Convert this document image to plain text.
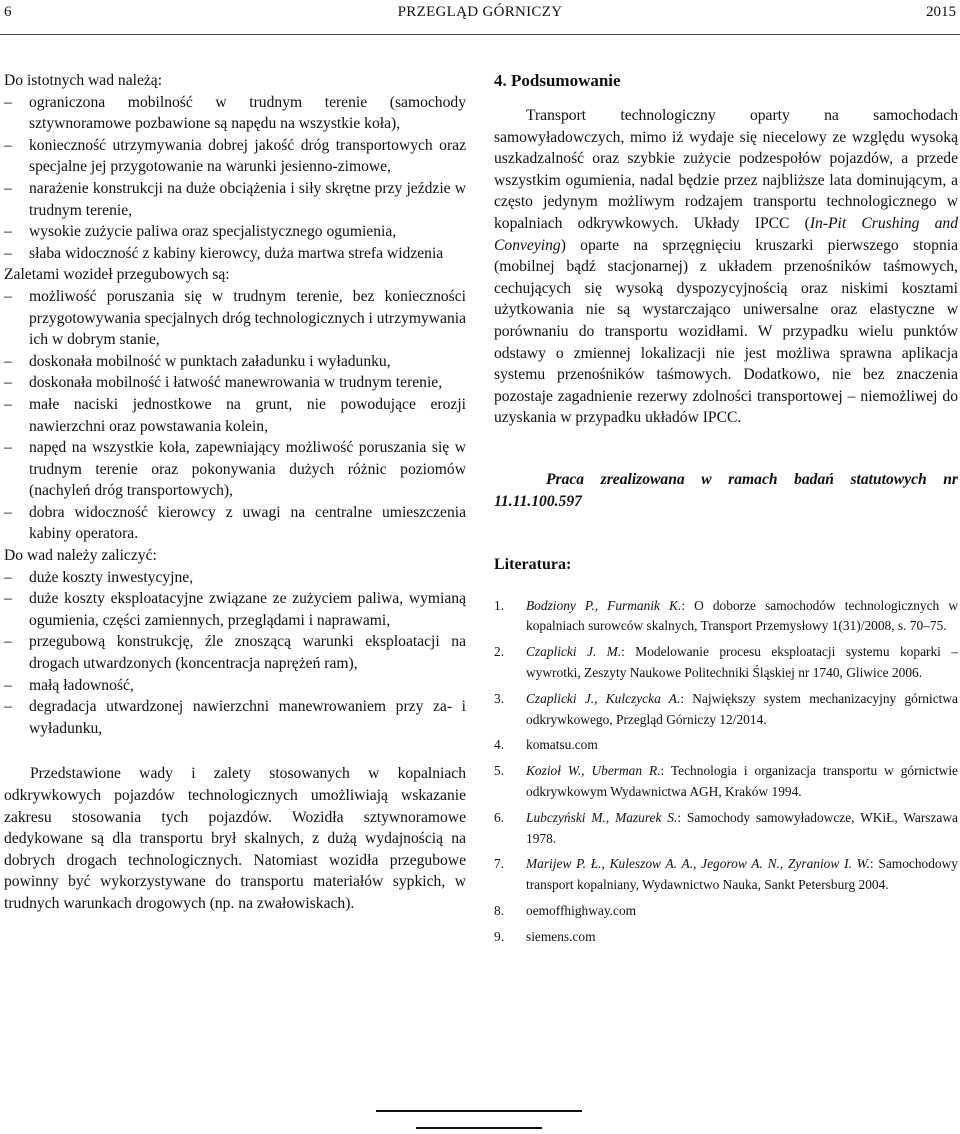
6	PRZEGLĄD GÓRNICZY	2015

Do istotnych wad należą:

– ograniczona mobilność w trudnym terenie (samochody sztywnoramowe pozbawione są napędu na wszystkie koła),
– konieczność utrzymywania dobrej jakość dróg transportowych oraz specjalne jej przygotowanie na warunki jesienno-zimowe,
– narażenie konstrukcji na duże obciążenia i siły skrętne przy jeździe w trudnym terenie,
– wysokie zużycie paliwa oraz specjalistycznego ogumienia,
– słaba widoczność z kabiny kierowcy, duża martwa strefa widzenia

Zaletami wozideł przegubowych są:

– możliwość poruszania się w trudnym terenie, bez konieczności przygotowywania specjalnych dróg technologicznych i utrzymywania ich w dobrym stanie,
– doskonała mobilność w punktach załadunku i wyładunku,
– doskonała mobilność i łatwość manewrowania w trudnym terenie,
– małe naciski jednostkowe na grunt, nie powodujące erozji nawierzchni oraz powstawania kolein,
– napęd na wszystkie koła, zapewniający możliwość poruszania się w trudnym terenie oraz pokonywania dużych różnic poziomów (nachyleń dróg transportowych),
– dobra widoczność kierowcy z uwagi na centralne umieszczenia kabiny operatora.

Do wad należy zaliczyć:

– duże koszty inwestycyjne,
– duże koszty eksploatacyjne związane ze zużyciem paliwa, wymianą ogumienia, części zamiennych, przeglądami i naprawami,
– przegubową konstrukcję, źle znoszącą warunki eksploatacji na drogach utwardzonych (koncentracja naprężeń ram),
– małą ładowność,
– degradacja utwardzonej nawierzchni manewrowaniem przy za- i wyładunku,

Przedstawione wady i zalety stosowanych w kopalniach odkrywkowych pojazdów technologicznych umożliwiają wskazanie zakresu stosowania tych pojazdów. Wozidła sztywnoramowe dedykowane są dla transportu brył skalnych, z dużą wydajnością na dobrych drogach technologicznych. Natomiast wozidła przegubowe powinny być wykorzystywane do transportu materiałów sypkich, w trudnych warunkach drogowych (np. na zwałowiskach).

4. Podsumowanie

Transport technologiczny oparty na samochodach samowyładowczych, mimo iż wydaje się niecelowy ze względu wysoką uszkadzalność oraz szybkie zużycie podzespołów pojazdów, a przede wszystkim ogumienia, nadal będzie przez najbliższe lata dominującym, a często jedynym możliwym rodzajem transportu technologicznego w kopalniach odkrywkowych. Układy IPCC (In-Pit Crushing and Conveying) oparte na sprzęgnięciu kruszarki pierwszego stopnia (mobilnej bądź stacjonarnej) z układem przenośników taśmowych, cechujących się wysoką dyspozycyjnością oraz niskimi kosztami użytkowania nie są wystarczająco uniwersalne oraz elastyczne w porównaniu do transportu wozidłami. W przypadku wielu punktów odstawy o zmiennej lokalizacji nie jest możliwa sprawna aplikacja systemu przenośników taśmowych. Dodatkowo, nie bez znaczenia pozostaje zagadnienie rezerwy zdolności transportowej – niemożliwej do uzyskania w przypadku układów IPCC.

Praca zrealizowana w ramach badań statutowych nr 11.11.100.597

Literatura:
1. Bodziony P., Furmanik K.: O doborze samochodów technologicznych w kopalniach surowców skalnych, Transport Przemysłowy 1(31)/2008, s. 70–75.
2. Czaplicki J. M.: Modelowanie procesu eksploatacji systemu koparki – wywrotki, Zeszyty Naukowe Politechniki Śląskiej nr 1740, Gliwice 2006.
3. Czaplicki J., Kulczycka A.: Największy system mechanizacyjny górnictwa odkrywkowego, Przegląd Górniczy 12/2014.
4. komatsu.com
5. Kozioł W., Uberman R.: Technologia i organizacja transportu w górnictwie odkrywkowym Wydawnictwa AGH, Kraków 1994.
6. Lubczyński M., Mazurek S.: Samochody samowyładowcze, WKiŁ, Warszawa 1978.
7. Marijew P. Ł., Kuleszow A. A., Jegorow A. N., Zyraniow I. W.: Samochodowy transport kopalniany, Wydawnictwo Nauka, Sankt Petersburg 2004.
8. oemoffhighway.com
9. siemens.com
